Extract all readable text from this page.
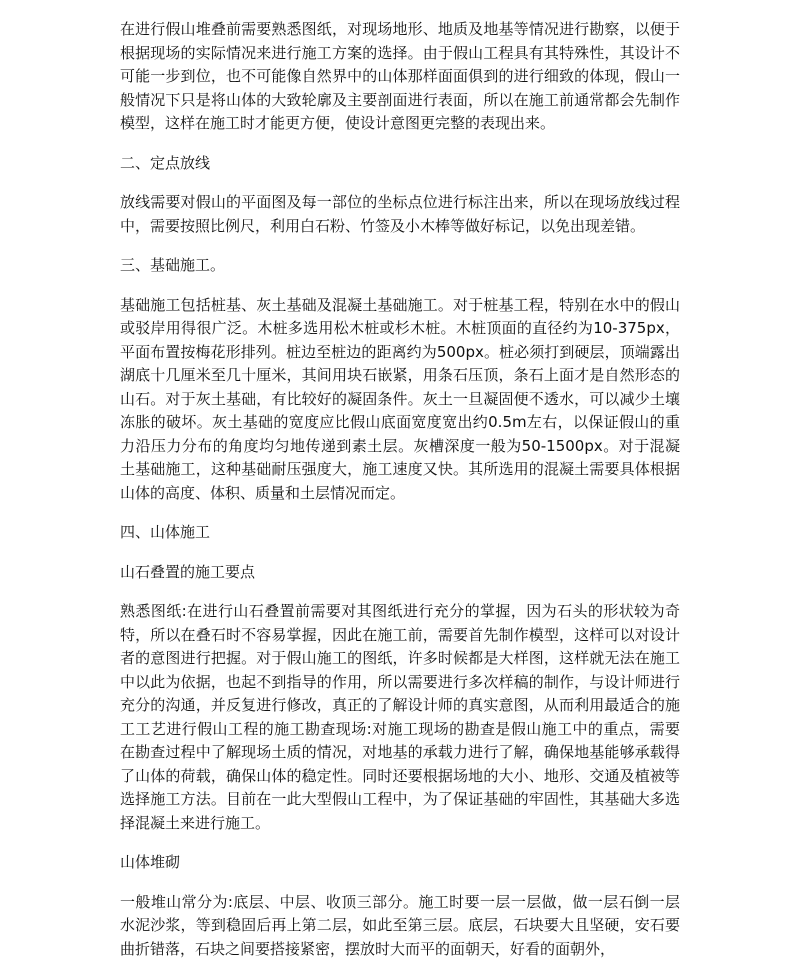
在进行假山堆叠前需要熟悉图纸，对现场地形、地质及地基等情况进行勘察，以便于根据现场的实际情况来进行施工方案的选择。由于假山工程具有其特殊性，其设计不可能一步到位，也不可能像自然界中的山体那样面面俱到的进行细致的体现，假山一般情况下只是将山体的大致轮廓及主要剖面进行表面，所以在施工前通常都会先制作模型，这样在施工时才能更方便，使设计意图更完整的表现出来。

二、定点放线

放线需要对假山的平面图及每一部位的坐标点位进行标注出来，所以在现场放线过程中，需要按照比例尺，利用白石粉、竹签及小木棒等做好标记，以免出现差错。

三、基础施工。

基础施工包括桩基、灰土基础及混凝土基础施工。对于桩基工程，特别在水中的假山或驳岸用得很广泛。木桩多选用松木桩或杉木桩。木桩顶面的直径约为10-375px，平面布置按梅花形排列。桩边至桩边的距离约为500px。桩必须打到硬层，顶端露出湖底十几厘米至几十厘米，其间用块石嵌紧，用条石压顶，条石上面才是自然形态的山石。对于灰土基础，有比较好的凝固条件。灰土一旦凝固便不透水，可以减少土壤冻胀的破坏。灰土基础的宽度应比假山底面宽度宽出约0.5m左右，以保证假山的重力沿压力分布的角度均匀地传递到素土层。灰槽深度一般为50-1500px。对于混凝土基础施工，这种基础耐压强度大，施工速度又快。其所选用的混凝土需要具体根据山体的高度、体积、质量和土层情况而定。

四、山体施工

山石叠置的施工要点

熟悉图纸:在进行山石叠置前需要对其图纸进行充分的掌握，因为石头的形状较为奇特，所以在叠石时不容易掌握，因此在施工前，需要首先制作模型，这样可以对设计者的意图进行把握。对于假山施工的图纸，许多时候都是大样图，这样就无法在施工中以此为依据，也起不到指导的作用，所以需要进行多次样稿的制作，与设计师进行充分的沟通，并反复进行修改，真正的了解设计师的真实意图，从而利用最适合的施工工艺进行假山工程的施工勘查现场:对施工现场的勘查是假山施工中的重点，需要在勘查过程中了解现场土质的情况，对地基的承载力进行了解，确保地基能够承载得了山体的荷载，确保山体的稳定性。同时还要根据场地的大小、地形、交通及植被等选择施工方法。目前在一此大型假山工程中，为了保证基础的牢固性，其基础大多选择混凝土来进行施工。

山体堆砌

一般堆山常分为:底层、中层、收顶三部分。施工时要一层一层做，做一层石倒一层水泥沙浆，等到稳固后再上第二层，如此至第三层。底层，石块要大且坚硬，安石要曲折错落，石块之间要搭接紧密，摆放时大而平的面朝天，好看的面朝外，
